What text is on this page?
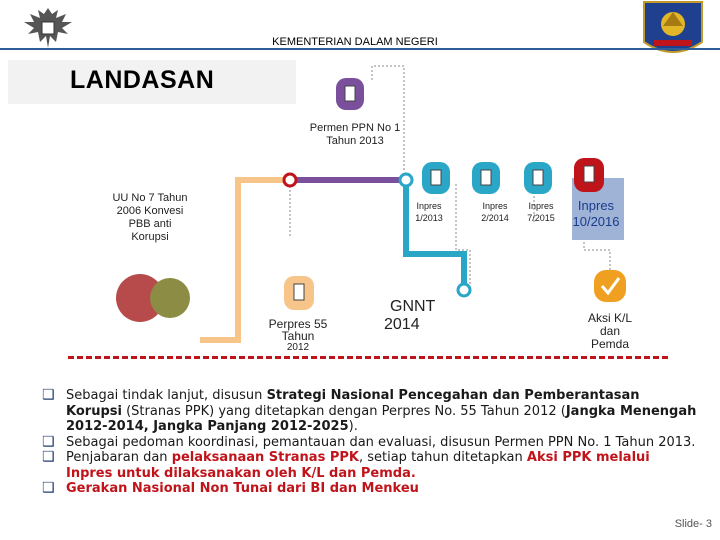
KEMENTERIAN DALAM NEGERI
LANDASAN
Permen PPN No 1 Tahun 2013
UU No 7 Tahun 2006 Konvesi PBB anti Korupsi
Perpres 55
Tahun
2012
GNNT
2014
Inpres
1/2013
Inpres
2/2014
Inpres
7/2015
Inpres
10/2016
Aksi K/L
dan
Pemda
❑ Sebagai tindak lanjut, disusun Strategi Nasional Pencegahan dan Pemberantasan Korupsi (Stranas PPK) yang ditetapkan dengan Perpres No. 55 Tahun 2012 (Jangka Menengah 2012-2014, Jangka Panjang 2012-2025).
❑ Sebagai pedoman koordinasi, pemantauan dan evaluasi, disusun Permen PPN No. 1 Tahun 2013.
❑ Penjabaran dan pelaksanaan Stranas PPK, setiap tahun ditetapkan Aksi PPK melalui Inpres untuk dilaksanakan oleh K/L dan Pemda.
❑ Gerakan Nasional Non Tunai dari BI dan Menkeu
Slide- 3
